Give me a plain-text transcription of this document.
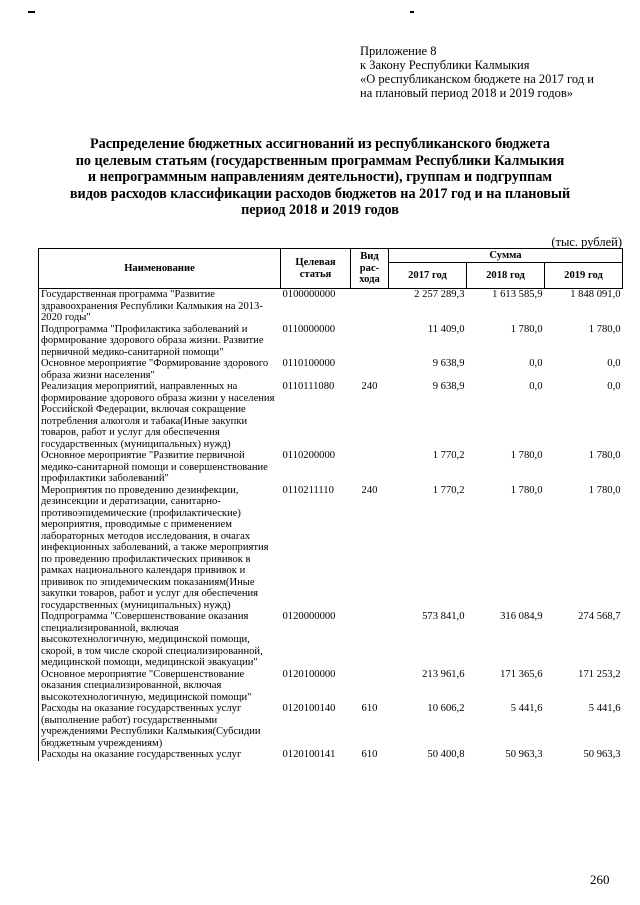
Приложение 8
к Закону Республики Калмыкия
«О республиканском бюджете на 2017 год и
на плановый период 2018 и 2019 годов»
Распределение бюджетных ассигнований из республиканского бюджета
по целевым статьям (государственным программам Республики Калмыкия
и непрограммным направлениям деятельности), группам и подгруппам
видов расходов классификации расходов бюджетов на 2017 год и на плановый
период 2018 и 2019 годов
(тыс. рублей)
Наименование	Целевая статья	Вид рас-хода	Сумма		
			2017 год	2018 год	2019 год
Государственная программа "Развитие здравоохранения Республики Калмыкия на 2013-2020 годы"	0100000000		2 257 289,3	1 613 585,9	1 848 091,0
Подпрограмма "Профилактика заболеваний и формирование здорового образа жизни. Развитие первичной медико-санитарной помощи"	0110000000		11 409,0	1 780,0	1 780,0
Основное мероприятие "Формирование здорового образа жизни населения"	0110100000		9 638,9	0,0	0,0
Реализация мероприятий, направленных на формирование здорового образа жизни у населения Российской Федерации, включая сокращение потребления алкоголя и табака(Иные закупки товаров, работ и услуг для обеспечения государственных (муниципальных) нужд)	0110111080	240	9 638,9	0,0	0,0
Основное мероприятие "Развитие первичной медико-санитарной помощи и совершенствование профилактики заболеваний"	0110200000		1 770,2	1 780,0	1 780,0
Мероприятия по проведению дезинфекции, дезинсекции и дератизации, санитарно-противоэпидемические (профилактические) мероприятия, проводимые с применением лабораторных методов исследования, в очагах инфекционных заболеваний, а также мероприятия по проведению профилактических прививок в рамках национального календаря прививок и прививок по эпидемическим показаниям(Иные закупки товаров, работ и услуг для обеспечения государственных (муниципальных) нужд)	0110211110	240	1 770,2	1 780,0	1 780,0
Подпрограмма "Совершенствование оказания специализированной, включая высокотехнологичную, медицинской помощи, скорой, в том числе скорой специализированной, медицинской помощи, медицинской эвакуации"	0120000000		573 841,0	316 084,9	274 568,7
Основное мероприятие "Совершенствование оказания специализированной, включая высокотехнологичную, медицинской помощи"	0120100000		213 961,6	171 365,6	171 253,2
Расходы на оказание государственных услуг (выполнение работ) государственными учреждениями Республики Калмыкия(Субсидии бюджетным учреждениям)	0120100140	610	10 606,2	5 441,6	5 441,6
Расходы на оказание государственных услуг	0120100141	610	50 400,8	50 963,3	50 963,3
260
